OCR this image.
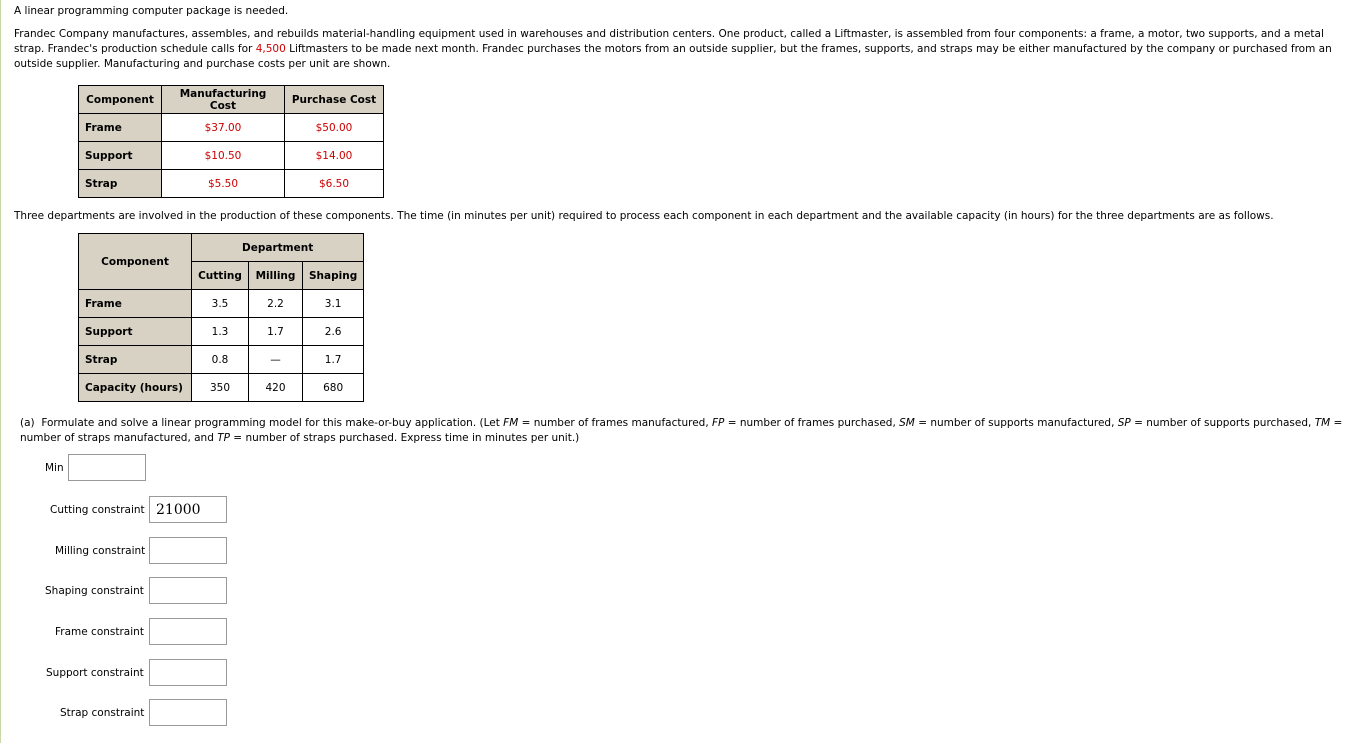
A linear programming computer package is needed.
Frandec Company manufactures, assembles, and rebuilds material-handling equipment used in warehouses and distribution centers. One product, called a Liftmaster, is assembled from four components: a frame, a motor, two supports, and a metal strap. Frandec's production schedule calls for 4,500 Liftmasters to be made next month. Frandec purchases the motors from an outside supplier, but the frames, supports, and straps may be either manufactured by the company or purchased from an outside supplier. Manufacturing and purchase costs per unit are shown.
Component	Manufacturing Cost	Purchase Cost
Frame	$37.00	$50.00
Support	$10.50	$14.00
Strap	$5.50	$6.50
Three departments are involved in the production of these components. The time (in minutes per unit) required to process each component in each department and the available capacity (in hours) for the three departments are as follows.
Component	Department		
	Cutting	Milling	Shaping
Frame	3.5	2.2	3.1
Support	1.3	1.7	2.6
Strap	0.8	—	1.7
Capacity (hours)	350	420	680
(a) Formulate and solve a linear programming model for this make-or-buy application. (Let FM = number of frames manufactured, FP = number of frames purchased, SM = number of supports manufactured, SP = number of supports purchased, TM = number of straps manufactured, and TP = number of straps purchased. Express time in minutes per unit.)
Min
Cutting constraint
21000
Milling constraint
Shaping constraint
Frame constraint
Support constraint
Strap constraint
